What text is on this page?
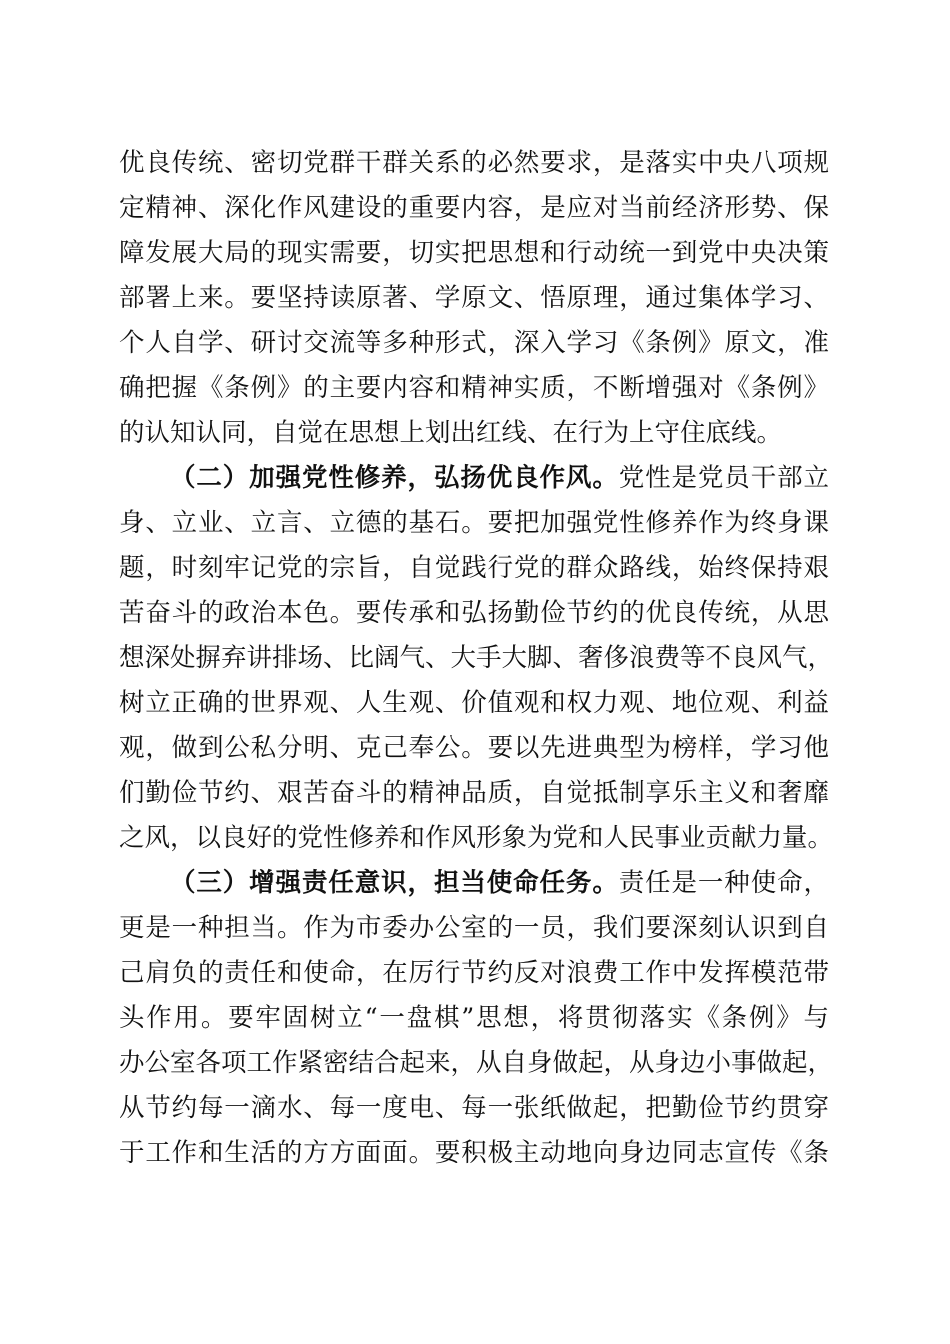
优良传统、密切党群干群关系的必然要求，是落实中央八项规
定精神、深化作风建设的重要内容，是应对当前经济形势、保
障发展大局的现实需要，切实把思想和行动统一到党中央决策
部署上来。要坚持读原著、学原文、悟原理，通过集体学习、
个人自学、研讨交流等多种形式，深入学习《条例》原文，准
确把握《条例》的主要内容和精神实质，不断增强对《条例》
的认知认同，自觉在思想上划出红线、在行为上守住底线。
（二）加强党性修养，弘扬优良作风。党性是党员干部立
身、立业、立言、立德的基石。要把加强党性修养作为终身课
题，时刻牢记党的宗旨，自觉践行党的群众路线，始终保持艰
苦奋斗的政治本色。要传承和弘扬勤俭节约的优良传统，从思
想深处摒弃讲排场、比阔气、大手大脚、奢侈浪费等不良风气，
树立正确的世界观、人生观、价值观和权力观、地位观、利益
观，做到公私分明、克己奉公。要以先进典型为榜样，学习他
们勤俭节约、艰苦奋斗的精神品质，自觉抵制享乐主义和奢靡
之风，以良好的党性修养和作风形象为党和人民事业贡献力量。
（三）增强责任意识，担当使命任务。责任是一种使命，
更是一种担当。作为市委办公室的一员，我们要深刻认识到自
己肩负的责任和使命，在厉行节约反对浪费工作中发挥模范带
头作用。要牢固树立“一盘棋”思想，将贯彻落实《条例》与
办公室各项工作紧密结合起来，从自身做起，从身边小事做起，
从节约每一滴水、每一度电、每一张纸做起，把勤俭节约贯穿
于工作和生活的方方面面。要积极主动地向身边同志宣传《条
